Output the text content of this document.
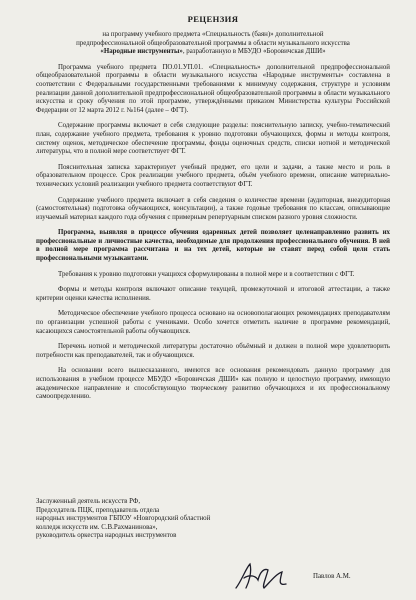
РЕЦЕНЗИЯ
на программу учебного предмета «Специальность (баян)» дополнительной
предпрофессиональной общеобразовательной программы в области музыкального искусства
«Народные инструменты», разработанную в МБУДО «Боровичская ДШИ»
Программа учебного предмета ПО.01.УП.01. «Специальность» дополнительной предпрофессиональной общеобразовательной программы в области музыкального искусства «Народные инструменты» составлена в соответствии с Федеральными государственными требованиями к минимуму содержания, структуре и условиям реализации данной дополнительной предпрофессиональной общеобразовательной программы в области музыкального искусства и сроку обучения по этой программе, утверждёнными приказом Министерства культуры Российской Федерации от 12 марта 2012 г. №164 (далее – ФГТ).
Содержание программы включает в себя следующие разделы: пояснительную записку, учебно-тематический план, содержание учебного предмета, требования к уровню подготовки обучающихся, формы и методы контроля, систему оценок, методическое обеспечение программы, фонды оценочных средств, списки нотной и методической литературы, что в полной мере соответствует ФГТ.
Пояснительная записка характеризует учебный предмет, его цели и задачи, а также место и роль в образовательном процессе. Срок реализации учебного предмета, объём учебного времени, описание материально-технических условий реализации учебного предмета соответствуют ФГТ.
Содержание учебного предмета включает в себя сведения о количестве времени (аудиторная, внеаудиторная (самостоятельная) подготовка обучающихся, консультации), а также годовые требования по классам, описывающие изучаемый материал каждого года обучения с примерным репертуарным списком разного уровня сложности.
Программа, выявляя в процессе обучения одаренных детей позволяет целенаправленно развить их профессиональные и личностные качества, необходимые для продолжения профессионального обучения. В ней в полной мере программа рассчитана и на тех детей, которые не ставят перед собой цели стать профессиональными музыкантами.
Требования к уровню подготовки учащихся сформулированы в полной мере и в соответствии с ФГТ.
Формы и методы контроля включают описание текущей, промежуточной и итоговой аттестации, а также критерии оценки качества исполнения.
Методическое обеспечение учебного процесса основано на основополагающих рекомендациях преподавателям по организации успешной работы с учениками. Особо хочется отметить наличие в программе рекомендаций, касающихся самостоятельной работы обучающихся.
Перечень нотной и методической литературы достаточно объёмный и должен в полной мере удовлетворить потребности как преподавателей, так и обучающихся.
На основании всего вышесказанного, имеются все основания рекомендовать данную программу для использования в учебном процессе МБУДО «Боровичская ДШИ» как полную и целостную программу, имеющую академическое направление и способствующую творческому развитию обучающихся и их профессиональному самоопределению.
Заслуженный деятель искусств РФ,
Председатель ПЦК, преподаватель отдела
народных инструментов ГБПОУ «Новгородский областной
колледж искусств им. С.В.Рахманинова»,
руководитель оркестра народных инструментов
Павлов А.М.
